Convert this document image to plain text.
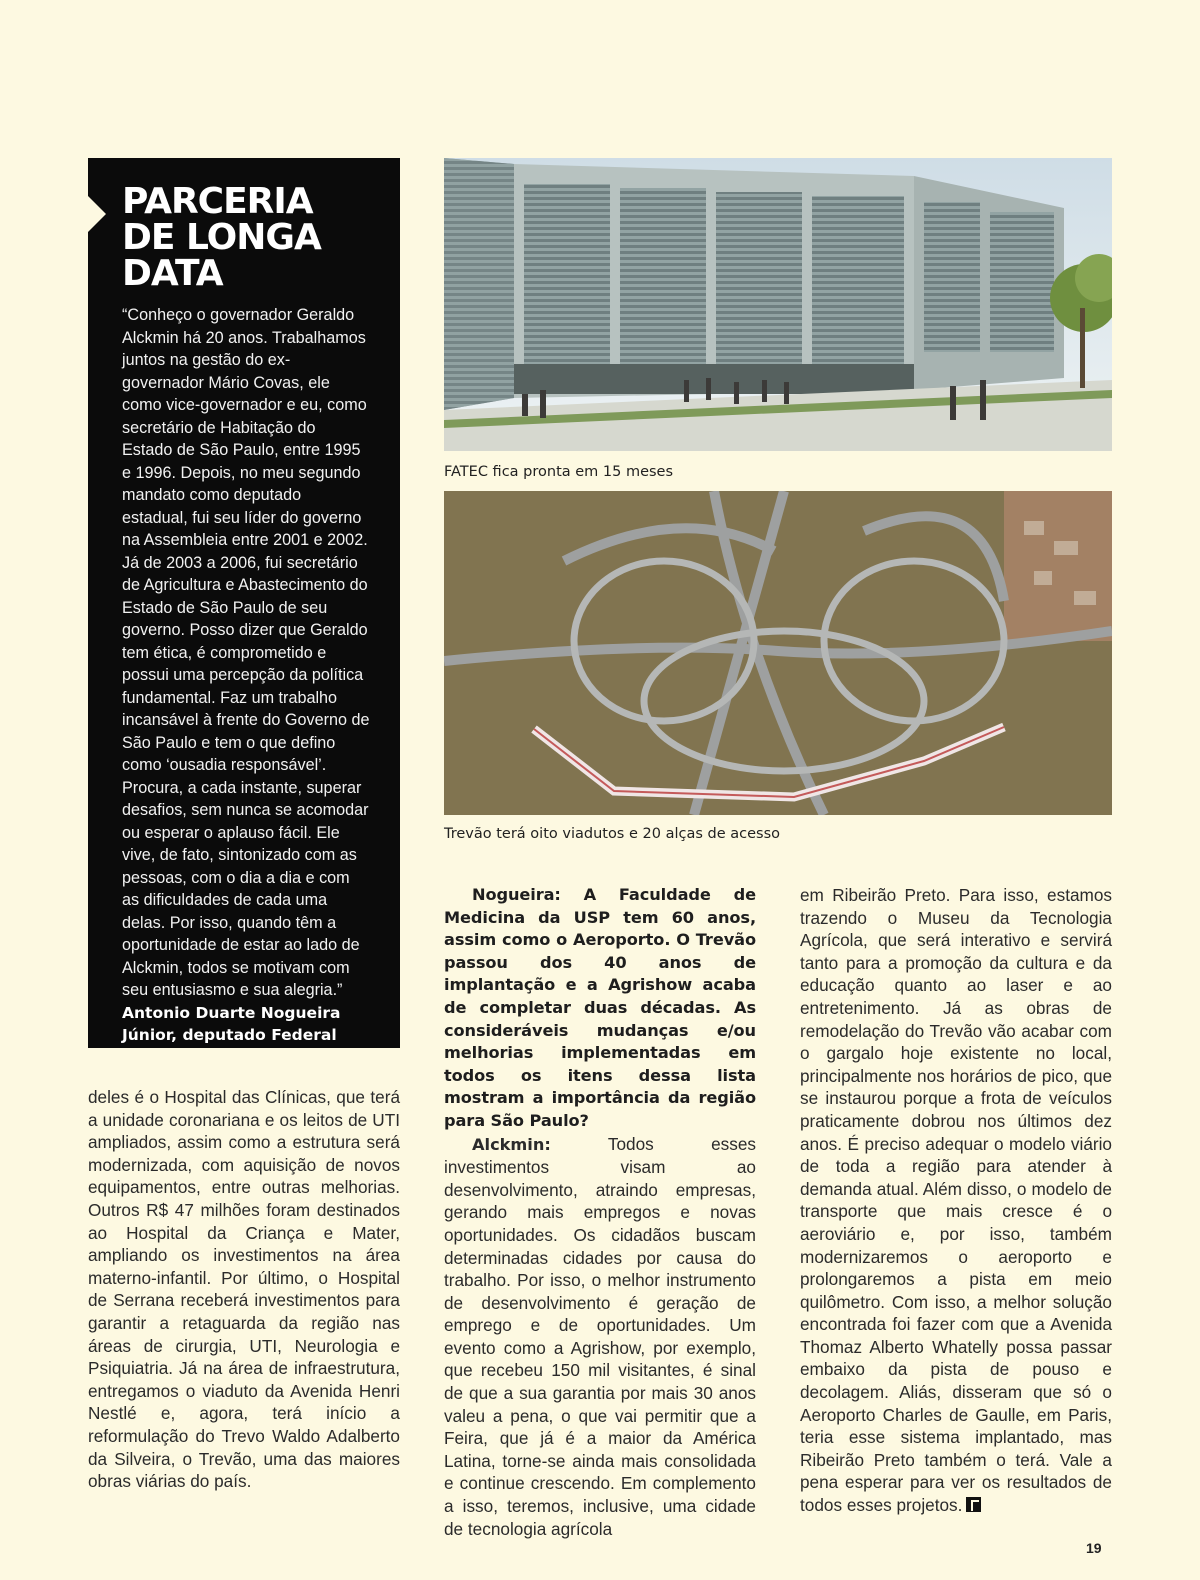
PARCERIA DE LONGA DATA

“Conheço o governador Geraldo Alckmin há 20 anos. Trabalhamos juntos na gestão do ex-governador Mário Covas, ele como vice-governador e eu, como secretário de Habitação do Estado de São Paulo, entre 1995 e 1996. Depois, no meu segundo mandato como deputado estadual, fui seu líder do governo na Assembleia entre 2001 e 2002. Já de 2003 a 2006, fui secretário de Agricultura e Abastecimento do Estado de São Paulo de seu governo. Posso dizer que Geraldo tem ética, é comprometido e possui uma percepção da política fundamental. Faz um trabalho incansável à frente do Governo de São Paulo e tem o que defino como ‘ousadia responsável’. Procura, a cada instante, superar desafios, sem nunca se acomodar ou esperar o aplauso fácil. Ele vive, de fato, sintonizado com as pessoas, com o dia a dia e com as dificuldades de cada uma delas. Por isso, quando têm a oportunidade de estar ao lado de Alckmin, todos se motivam com seu entusiasmo e sua alegria.”

Antonio Duarte Nogueira Júnior, deputado Federal
FATEC fica pronta em 15 meses
Trevão terá oito viadutos e 20 alças de acesso

deles é o Hospital das Clínicas, que terá a unidade coronariana e os leitos de UTI ampliados, assim como a estrutura será modernizada, com aquisição de novos equipamentos, entre outras melhorias. Outros R$ 47 milhões foram destinados ao Hospital da Criança e Mater, ampliando os investimentos na área materno-infantil. Por último, o Hospital de Serrana receberá investimentos para garantir a retaguarda da região nas áreas de cirurgia, UTI, Neurologia e Psiquiatria. Já na área de infraestrutura, entregamos o viaduto da Avenida Henri Nestlé e, agora, terá início a reformulação do Trevo Waldo Adalberto da Silveira, o Trevão, uma das maiores obras viárias do país.

Nogueira: A Faculdade de Medicina da USP tem 60 anos, assim como o Aeroporto. O Trevão passou dos 40 anos de implantação e a Agrishow acaba de completar duas décadas. As consideráveis mudanças e/ou melhorias implementadas em todos os itens dessa lista mostram a importância da região para São Paulo?

Alckmin: Todos esses investimentos visam ao desenvolvimento, atraindo empresas, gerando mais empregos e novas oportunidades. Os cidadãos buscam determinadas cidades por causa do trabalho. Por isso, o melhor instrumento de desenvolvimento é geração de emprego e de oportunidades. Um evento como a Agrishow, por exemplo, que recebeu 150 mil visitantes, é sinal de que a sua garantia por mais 30 anos valeu a pena, o que vai permitir que a Feira, que já é a maior da América Latina, torne-se ainda mais consolidada e continue crescendo. Em complemento a isso, teremos, inclusive, uma cidade de tecnologia agrícola

em Ribeirão Preto. Para isso, estamos trazendo o Museu da Tecnologia Agrícola, que será interativo e servirá tanto para a promoção da cultura e da educação quanto ao laser e ao entretenimento. Já as obras de remodelação do Trevão vão acabar com o gargalo hoje existente no local, principalmente nos horários de pico, que se instaurou porque a frota de veículos praticamente dobrou nos últimos dez anos. É preciso adequar o modelo viário de toda a região para atender à demanda atual. Além disso, o modelo de transporte que mais cresce é o aeroviário e, por isso, também modernizaremos o aeroporto e prolongaremos a pista em meio quilômetro. Com isso, a melhor solução encontrada foi fazer com que a Avenida Thomaz Alberto Whatelly possa passar embaixo da pista de pouso e decolagem. Aliás, disseram que só o Aeroporto Charles de Gaulle, em Paris, teria esse sistema implantado, mas Ribeirão Preto também o terá. Vale a pena esperar para ver os resultados de todos esses projetos.

19
